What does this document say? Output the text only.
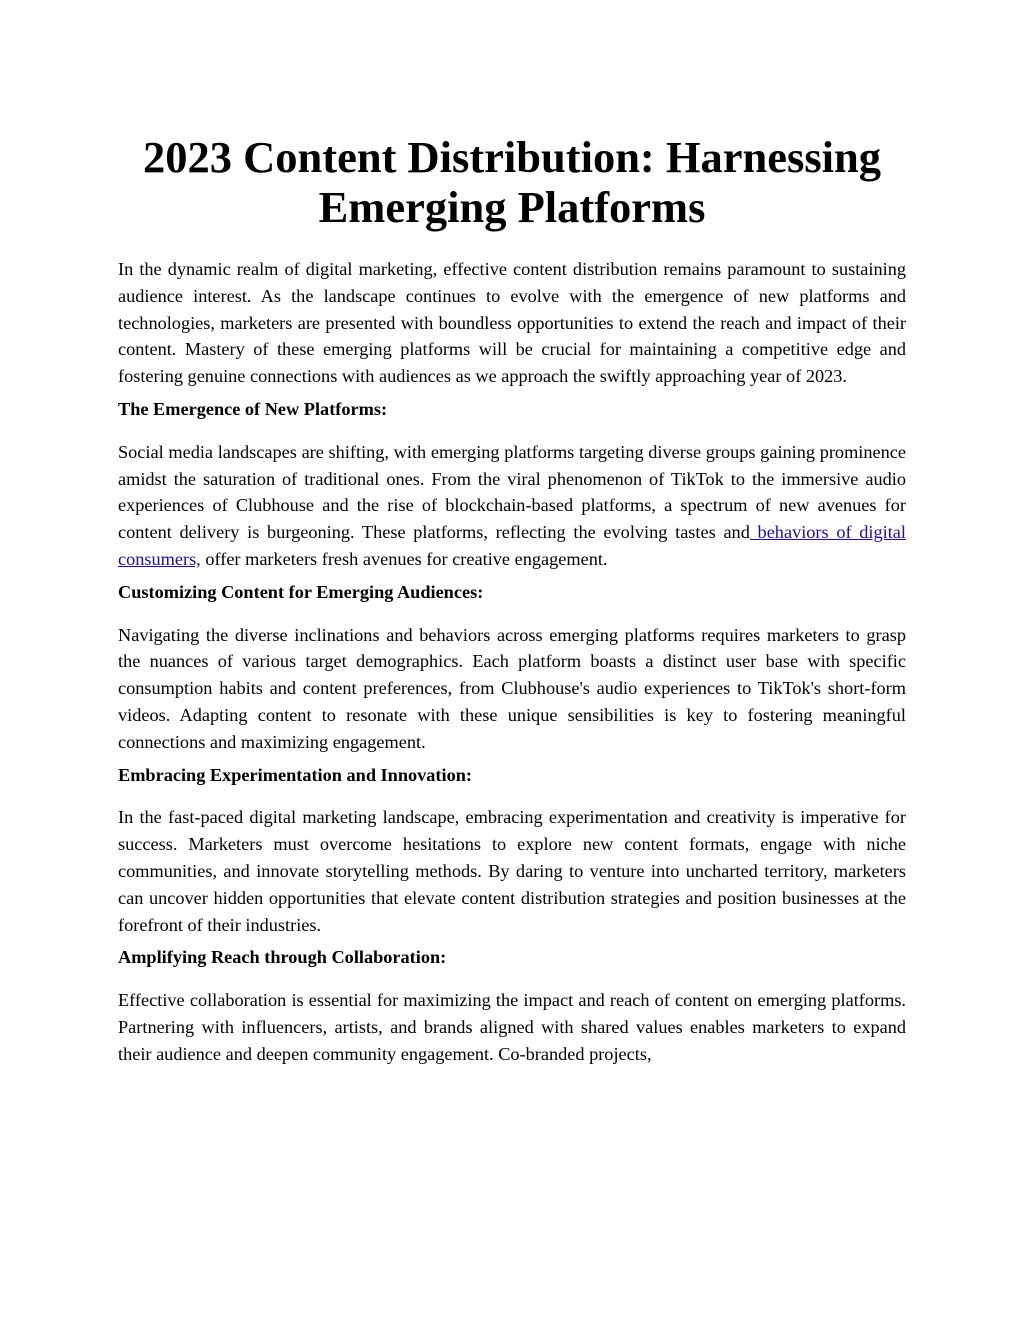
2023 Content Distribution: Harnessing Emerging Platforms

In the dynamic realm of digital marketing, effective content distribution remains paramount to sustaining audience interest. As the landscape continues to evolve with the emergence of new platforms and technologies, marketers are presented with boundless opportunities to extend the reach and impact of their content. Mastery of these emerging platforms will be crucial for maintaining a competitive edge and fostering genuine connections with audiences as we approach the swiftly approaching year of 2023.

The Emergence of New Platforms:

Social media landscapes are shifting, with emerging platforms targeting diverse groups gaining prominence amidst the saturation of traditional ones. From the viral phenomenon of TikTok to the immersive audio experiences of Clubhouse and the rise of blockchain-based platforms, a spectrum of new avenues for content delivery is burgeoning. These platforms, reflecting the evolving tastes and behaviors of digital consumers, offer marketers fresh avenues for creative engagement.

Customizing Content for Emerging Audiences:

Navigating the diverse inclinations and behaviors across emerging platforms requires marketers to grasp the nuances of various target demographics. Each platform boasts a distinct user base with specific consumption habits and content preferences, from Clubhouse's audio experiences to TikTok's short-form videos. Adapting content to resonate with these unique sensibilities is key to fostering meaningful connections and maximizing engagement.

Embracing Experimentation and Innovation:

In the fast-paced digital marketing landscape, embracing experimentation and creativity is imperative for success. Marketers must overcome hesitations to explore new content formats, engage with niche communities, and innovate storytelling methods. By daring to venture into uncharted territory, marketers can uncover hidden opportunities that elevate content distribution strategies and position businesses at the forefront of their industries.

Amplifying Reach through Collaboration:

Effective collaboration is essential for maximizing the impact and reach of content on emerging platforms. Partnering with influencers, artists, and brands aligned with shared values enables marketers to expand their audience and deepen community engagement. Co-branded projects,
